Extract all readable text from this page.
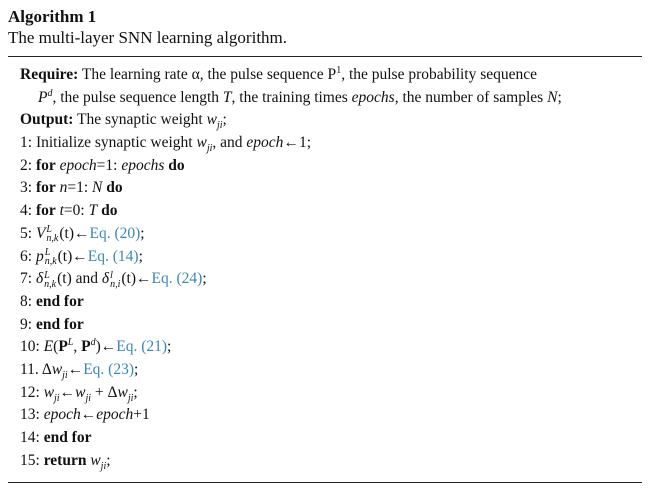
Algorithm 1
The multi-layer SNN learning algorithm.
Require: The learning rate α, the pulse sequence $P^1$, the pulse probability sequence
$P^d$, the pulse sequence length T, the training times epochs, the number of samples N;
Output: The synaptic weight $w_{ji}$;
1: Initialize synaptic weight $w_{ji}$, and epoch←1;
2: for epoch=1: epochs do
3: for n=1: N do
4: for t=0: T do
5: V L
n,k (t)←Eq. (20);
6: p L
n,k (t)←Eq. (14);
7: δ L
n,k (t) and δ l
n,i (t)←Eq. (24);
8: end for
9: end for
10: $E(P^L$, $P^d)\leftarrow Eq$. (21);
11. $\Delta w_{ji}\leftarrow Eq$. (23);
12: $w_{ji}\leftarrow w_{ji} + \Delta w_{ji}$;
13: epoch←epoch+1
14: end for
15: return $w_{ji}$;
